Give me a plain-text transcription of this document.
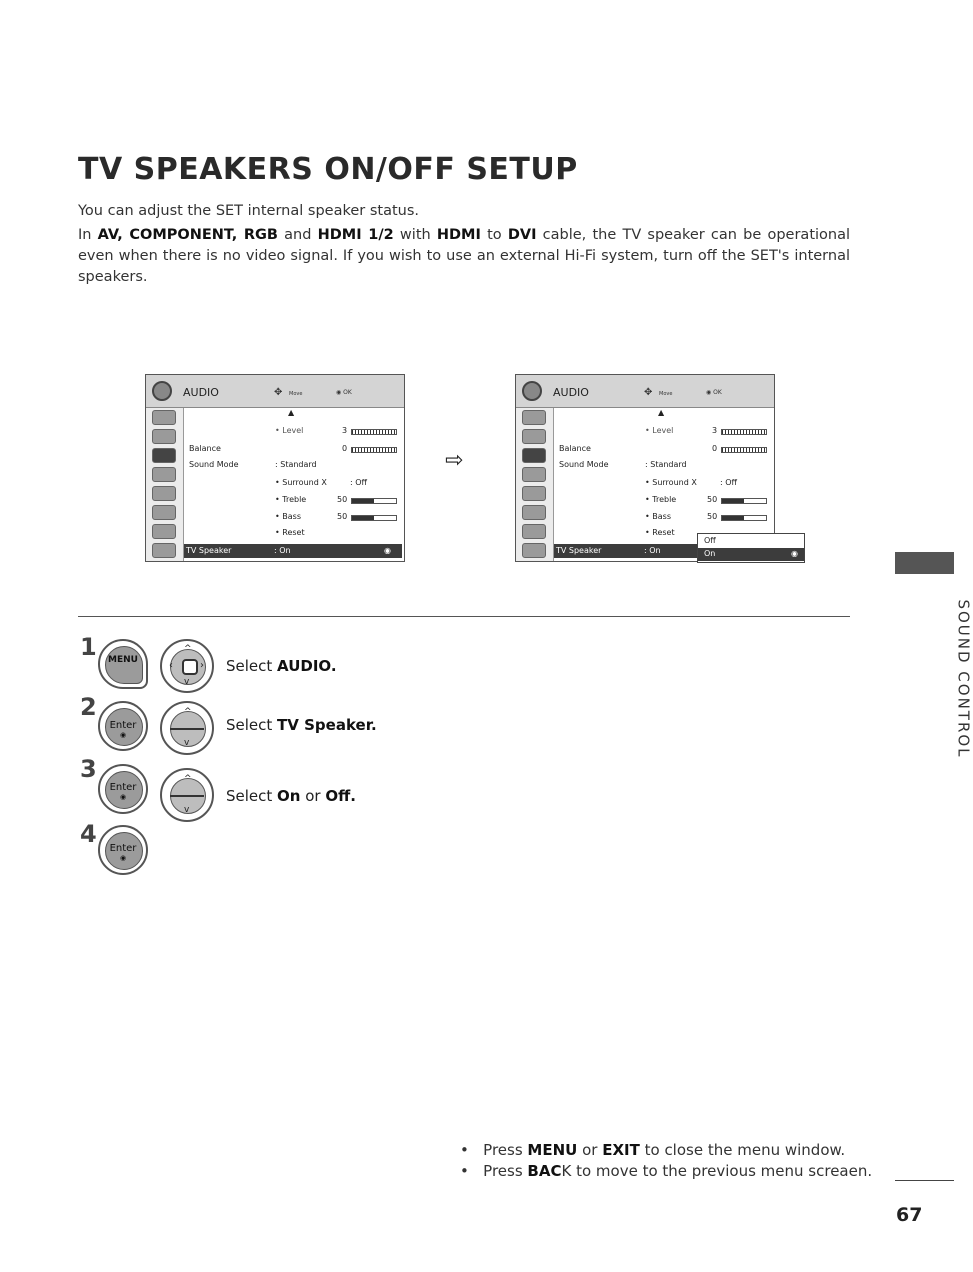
TV SPEAKERS ON/OFF SETUP
You can adjust the SET internal speaker status.
In AV, COMPONENT, RGB and HDMI 1/2 with HDMI to DVI cable, the TV speaker can be operational even when there is no video signal. If you wish to use an external Hi-Fi system, turn off the SET's internal speakers.
AUDIO	✥ Move	◉ OK
▲
• Level	3
Balance	0
Sound Mode	: Standard
• Surround X	: Off
• Treble	50
• Bass	50
• Reset
TV Speaker	: On	◉
⇨
AUDIO	✥ Move	◉ OK
▲
• Level	3
Balance	0
Sound Mode	: Standard
• Surround X	: Off
• Treble	50
• Bass	50
• Reset
TV Speaker	: On
Off
On	◉
1	MENU
^
v
‹	› Select AUDIO.
2
Enter
◉
^
v
Select TV Speaker.
3
Enter
◉
^
v
Select On or Off.
4
Enter
◉
SOUND CONTROL
•   Press MENU or EXIT to close the menu window.
•   Press BACK to move to the previous menu screaen.
67
